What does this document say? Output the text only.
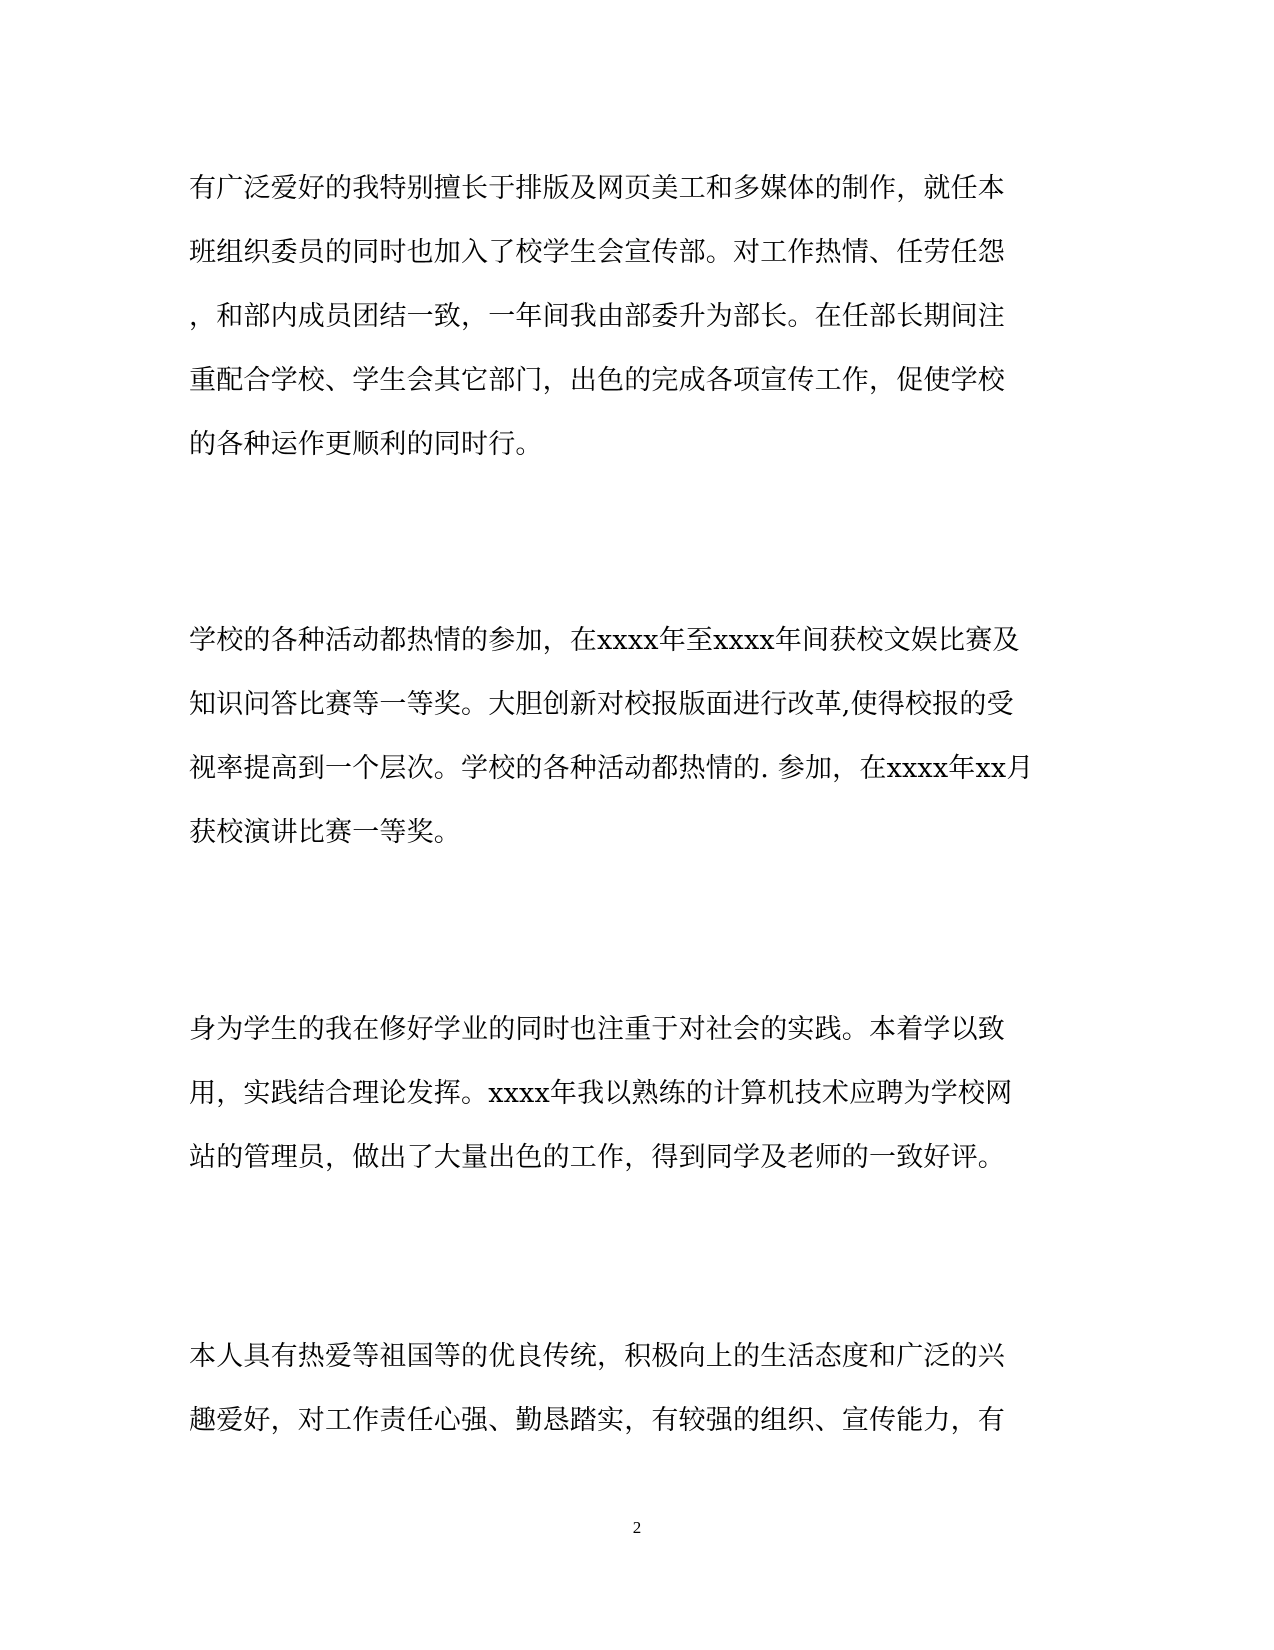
有广泛爱好的我特别擅长于排版及网页美工和多媒体的制作，就任本
班组织委员的同时也加入了校学生会宣传部。对工作热情、任劳任怨
，和部内成员团结一致，一年间我由部委升为部长。在任部长期间注
重配合学校、学生会其它部门，出色的完成各项宣传工作，促使学校
的各种运作更顺利的同时行。
学校的各种活动都热情的参加，在xxxx年至xxxx年间获校文娱比赛及
知识问答比赛等一等奖。大胆创新对校报版面进行改革,使得校报的受
视率提高到一个层次。学校的各种活动都热情的. 参加，在xxxx年xx月
获校演讲比赛一等奖。
身为学生的我在修好学业的同时也注重于对社会的实践。本着学以致
用，实践结合理论发挥。xxxx年我以熟练的计算机技术应聘为学校网
站的管理员，做出了大量出色的工作，得到同学及老师的一致好评。
本人具有热爱等祖国等的优良传统，积极向上的生活态度和广泛的兴
趣爱好，对工作责任心强、勤恳踏实，有较强的组织、宣传能力，有
2
